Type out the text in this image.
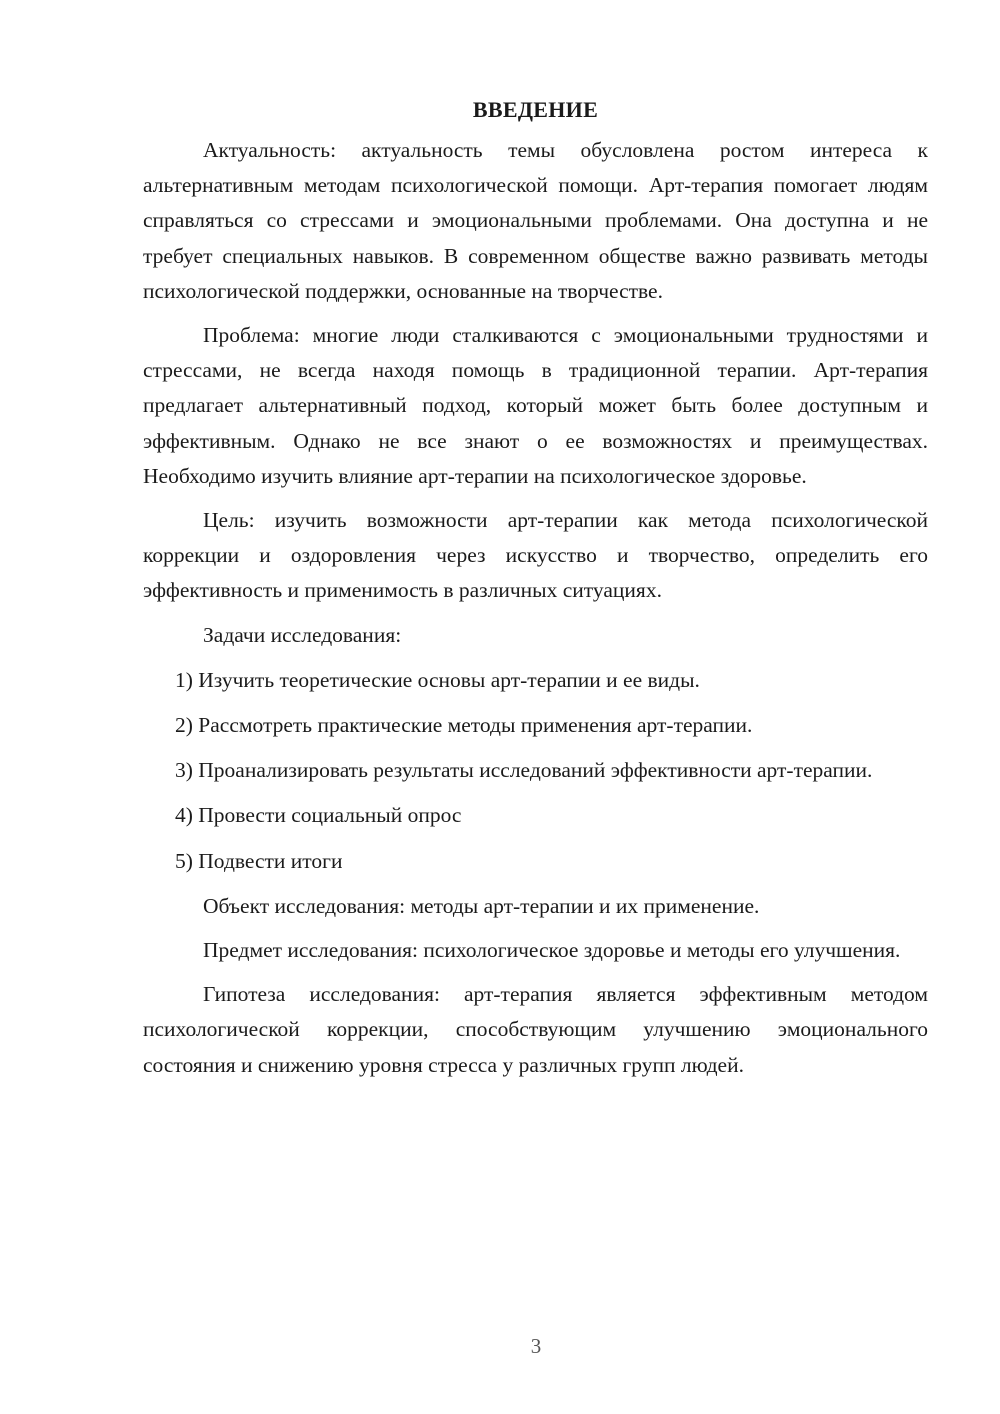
ВВЕДЕНИЕ

Актуальность: актуальность темы обусловлена ростом интереса к альтернативным методам психологической помощи. Арт-терапия помогает людям справляться со стрессами и эмоциональными проблемами. Она доступна и не требует специальных навыков. В современном обществе важно развивать методы психологической поддержки, основанные на творчестве.

Проблема: многие люди сталкиваются с эмоциональными трудностями и стрессами, не всегда находя помощь в традиционной терапии. Арт-терапия предлагает альтернативный подход, который может быть более доступным и эффективным. Однако не все знают о ее возможностях и преимуществах. Необходимо изучить влияние арт-терапии на психологическое здоровье.

Цель: изучить возможности арт-терапии как метода психологической коррекции и оздоровления через искусство и творчество, определить его эффективность и применимость в различных ситуациях.

Задачи исследования:

1) Изучить теоретические основы арт-терапии и ее виды.

2) Рассмотреть практические методы применения арт-терапии.

3) Проанализировать результаты исследований эффективности арт-терапии.

4) Провести социальный опрос

5) Подвести итоги

Объект исследования: методы арт-терапии и их применение.

Предмет исследования: психологическое здоровье и методы его улучшения.

Гипотеза исследования: арт-терапия является эффективным методом психологической коррекции, способствующим улучшению эмоционального состояния и снижению уровня стресса у различных групп людей.

3
